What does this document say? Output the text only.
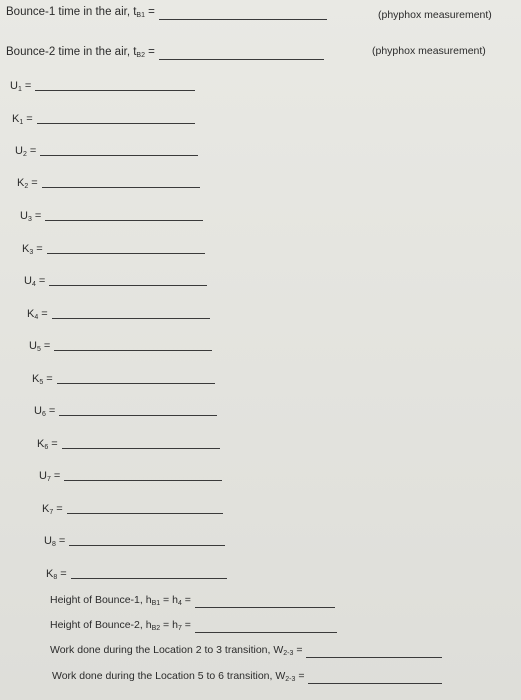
Bounce-1 time in the air, $t_{B1}$ =	(phyphox measurement)
Bounce-2 time in the air, $t_{B2}$ =	(phyphox measurement)
$U_1$ =
$K_1$ =
$U_2$ =
$K_2$ =
$U_3$ =
$K_3$ =
$U_4$ =
$K_4$ =
$U_5$ =
$K_5$ =
$U_6$ =
$K_6$ =
$U_7$ =
$K_7$ =
$U_8$ =
$K_8$ =
Height of Bounce-1, $h_{B1} = h_4$ =
Height of Bounce-2, $h_{B2} = h_7$ =
Work done during the Location 2 to 3 transition, $W_{2-3}$ =
Work done during the Location 5 to 6 transition, $W_{2-3}$ =
